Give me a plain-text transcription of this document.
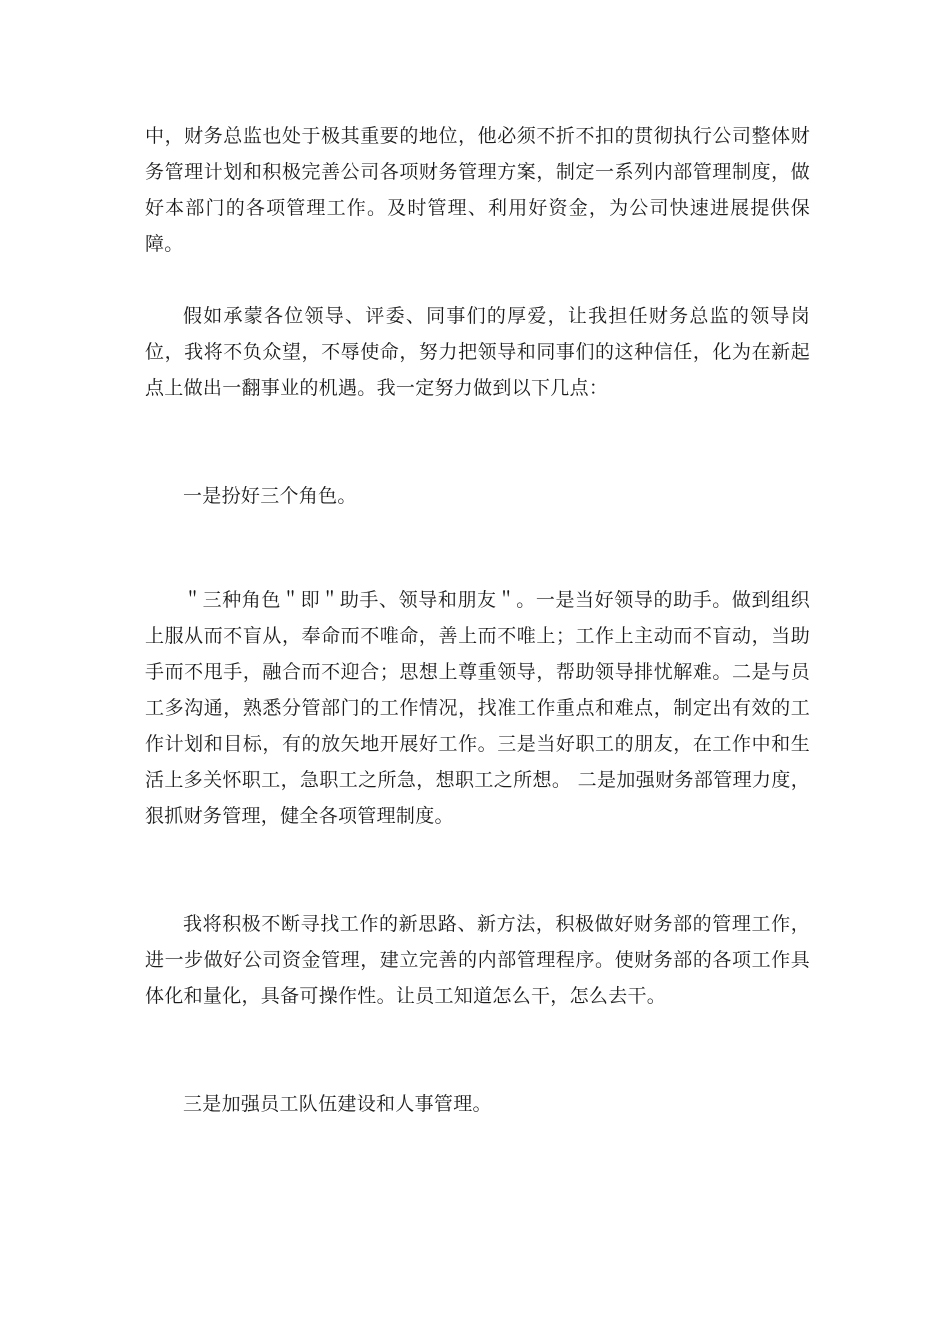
中，财务总监也处于极其重要的地位，他必须不折不扣的贯彻执行公司整体财务管理计划和积极完善公司各项财务管理方案，制定一系列内部管理制度，做好本部门的各项管理工作。及时管理、利用好资金，为公司快速进展提供保障。

假如承蒙各位领导、评委、同事们的厚爱，让我担任财务总监的领导岗位，我将不负众望，不辱使命，努力把领导和同事们的这种信任，化为在新起点上做出一翻事业的机遇。我一定努力做到以下几点：

一是扮好三个角色。

＂三种角色＂即＂助手、领导和朋友＂。一是当好领导的助手。做到组织上服从而不盲从，奉命而不唯命，善上而不唯上；工作上主动而不盲动，当助手而不甩手，融合而不迎合；思想上尊重领导，帮助领导排忧解难。二是与员工多沟通，熟悉分管部门的工作情况，找准工作重点和难点，制定出有效的工作计划和目标，有的放矢地开展好工作。三是当好职工的朋友，在工作中和生活上多关怀职工，急职工之所急，想职工之所想。 二是加强财务部管理力度，狠抓财务管理，健全各项管理制度。

我将积极不断寻找工作的新思路、新方法，积极做好财务部的管理工作，进一步做好公司资金管理，建立完善的内部管理程序。使财务部的各项工作具体化和量化，具备可操作性。让员工知道怎么干，怎么去干。

三是加强员工队伍建设和人事管理。
